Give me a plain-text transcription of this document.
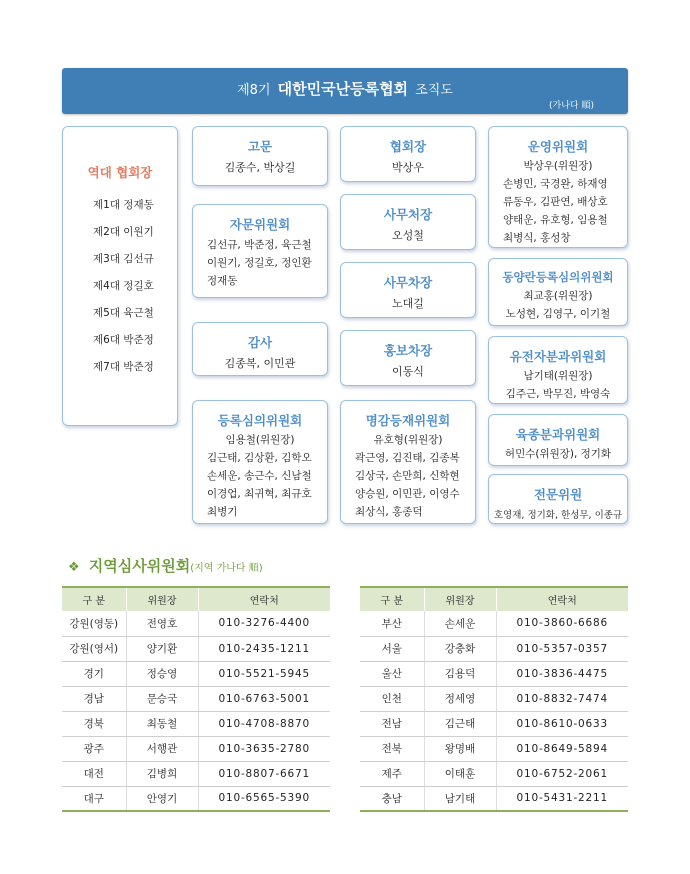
제8기 대한민국난등록협회 조직도
(가나다 順)
역대 협회장
제1대 정재동
제2대 이원기
제3대 김선규
제4대 정길호
제5대 육근철
제6대 박준정
제7대 박준정
고문
김종수, 박상길
자문위원회
김선규, 박준정, 육근철
이원기, 정길호, 정인환
정재동
감사
김종복, 이민관
등록심의위원회
임용철(위원장)
김근태, 김상환, 김학오
손세운, 송근수, 신남철
이경업, 최귀혁, 최규호
최병기
협회장
박상우
사무처장
오성철
사무차장
노대길
홍보차장
이동식
명감등재위원회
유호형(위원장)
곽근영, 김진태, 김종복
김상국, 손만희, 신학현
양승원, 이민관, 이영수
최상식, 홍종덕
운영위원회
박상우(위원장)
손병민, 국경완, 하재영
류동우, 김판연, 배상호
양태운, 유호형, 임용철
최병식, 홍성창
동양란등록심의위원회
최교홍(위원장)
노성현, 김영구, 이기철
유전자분과위원회
남기태(위원장)
김주근, 박무진, 박영숙
육종분과위원회
허민수(위원장), 정기화
전문위원
호영재, 정기화, 한성무, 이종규
❖ 지역심사위원회(지역 가나다 順)
구 분	위원장	연락처
강원(영동)	전영호	010-3276-4400
강원(영서)	양기환	010-2435-1211
경기	정승영	010-5521-5945
경남	문승국	010-6763-5001
경북	최동철	010-4708-8870
광주	서행관	010-3635-2780
대전	김병희	010-8807-6671
대구	안영기	010-6565-5390
구 분	위원장	연락처
부산	손세운	010-3860-6686
서울	강충화	010-5357-0357
울산	김용덕	010-3836-4475
인천	정세영	010-8832-7474
전남	김근태	010-8610-0633
전북	왕명배	010-8649-5894
제주	이태훈	010-6752-2061
충남	남기태	010-5431-2211
